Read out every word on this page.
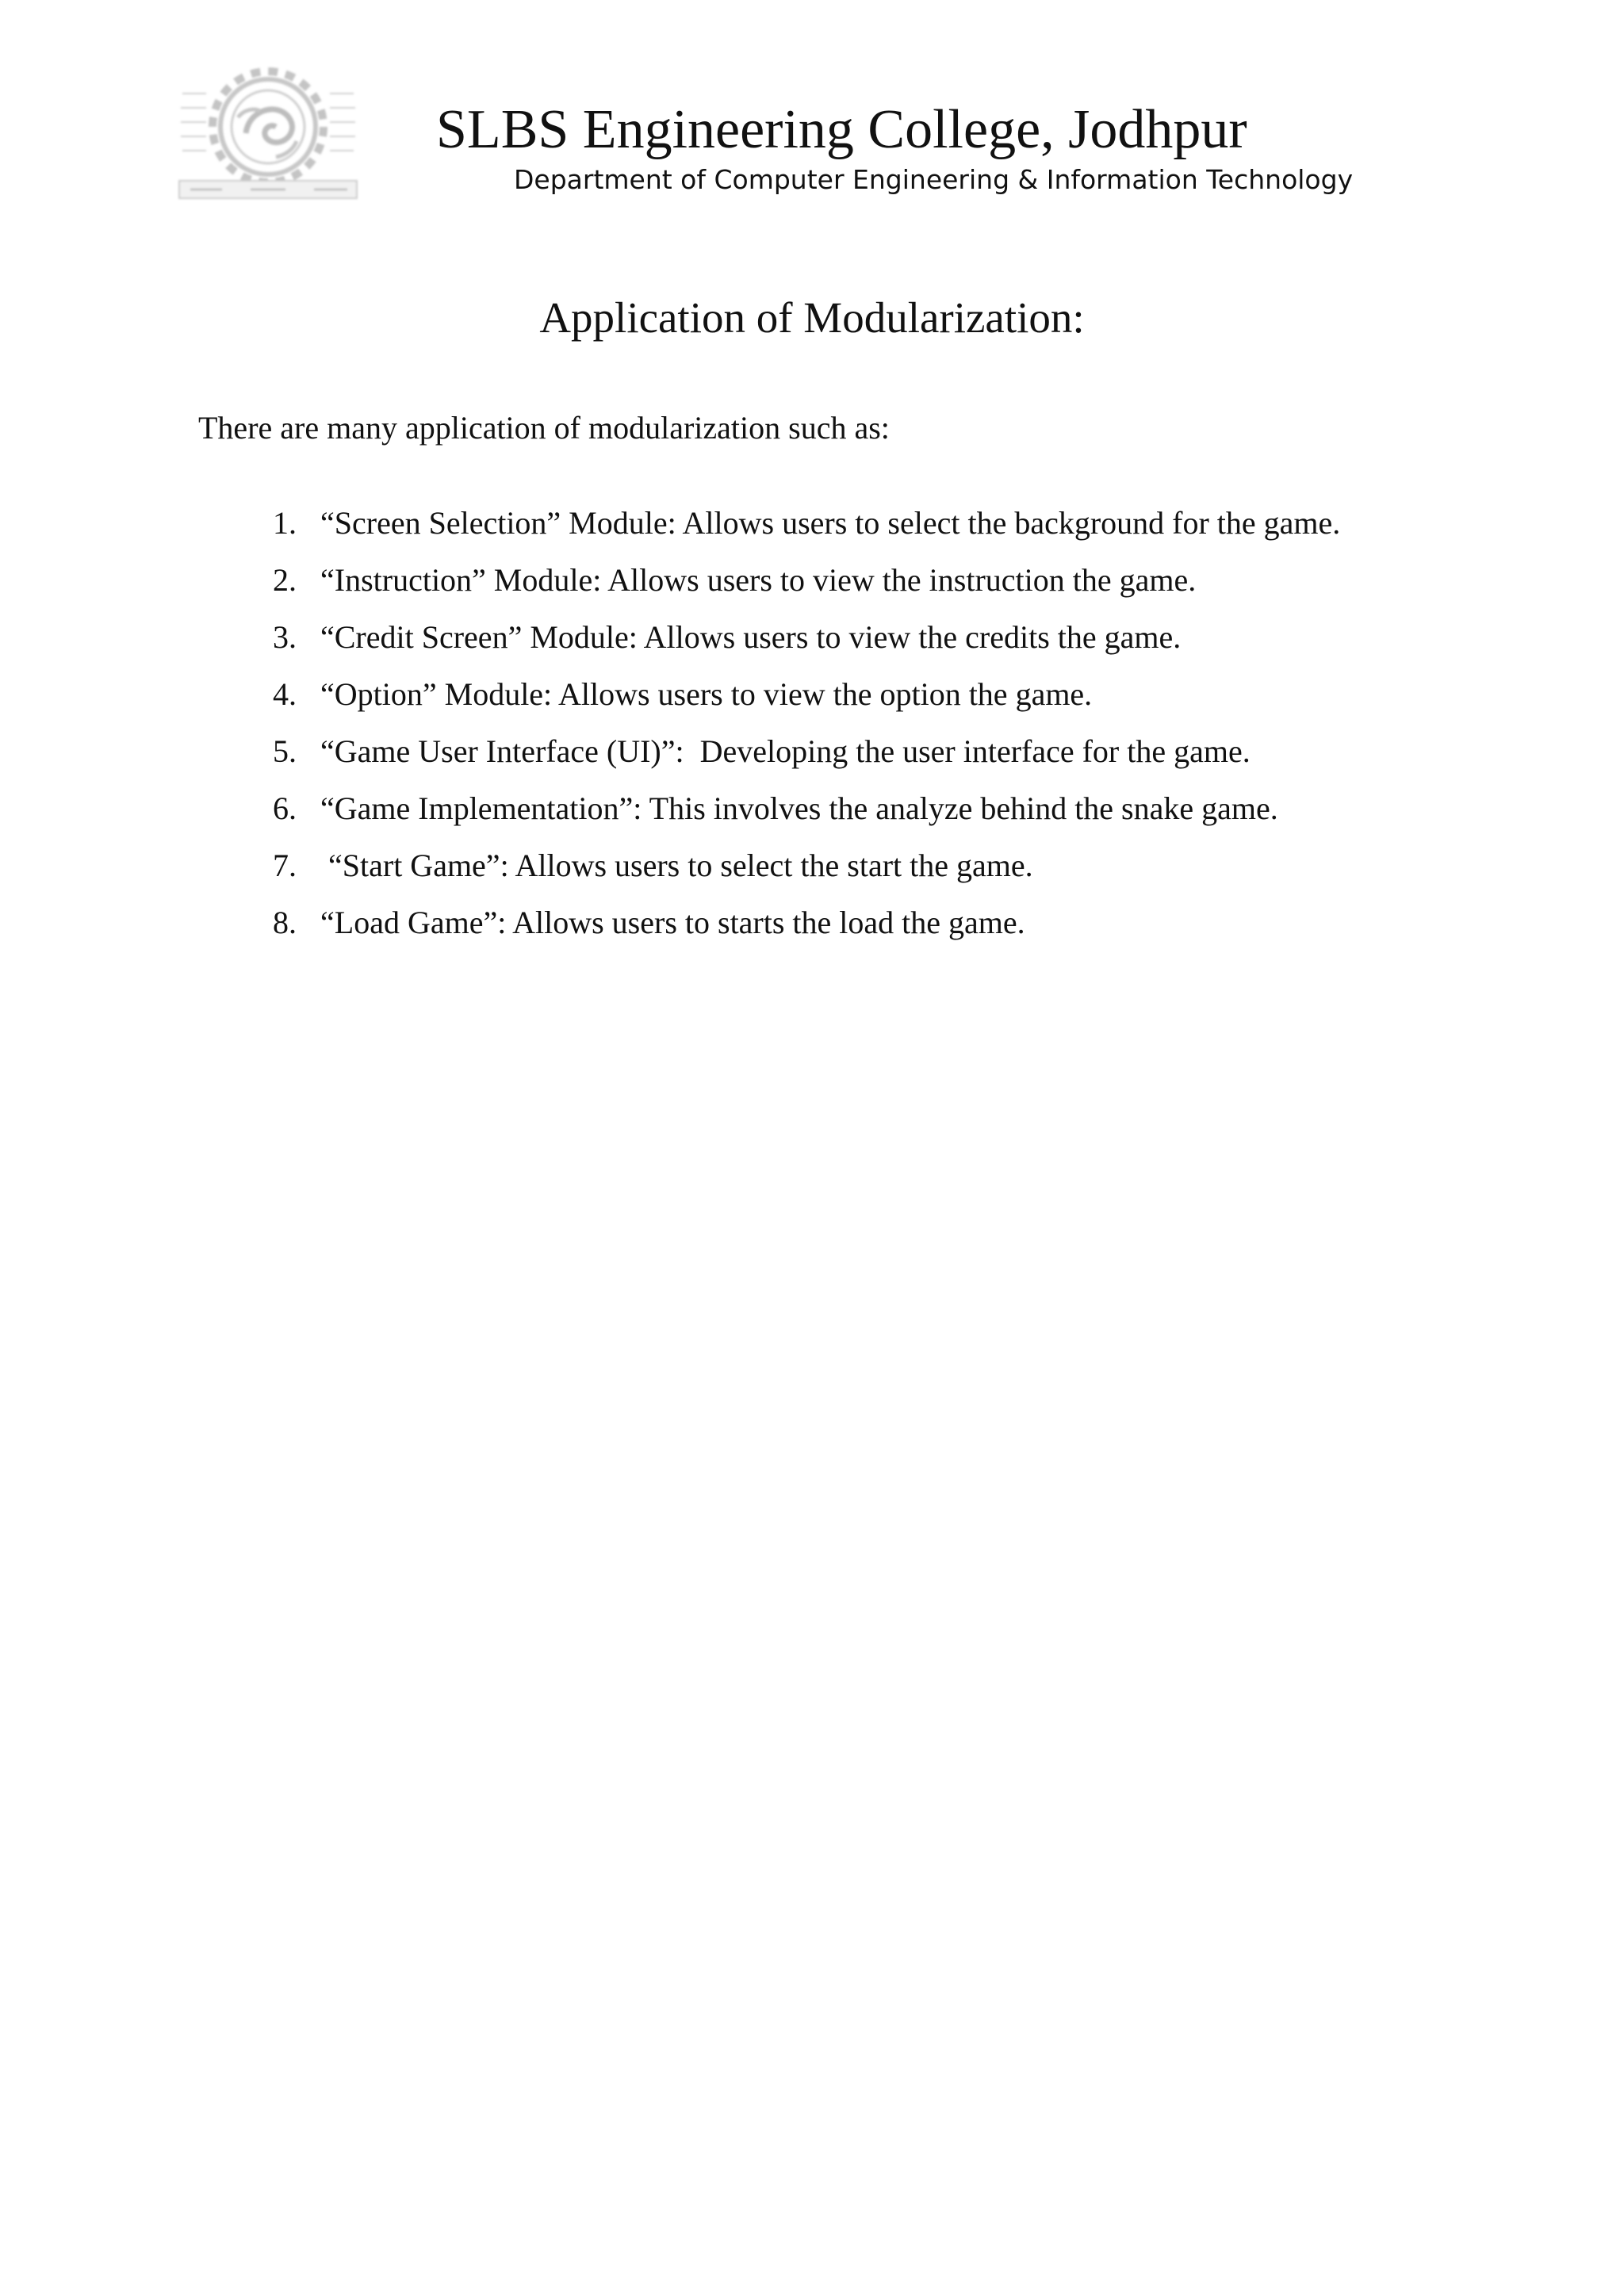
SLBS Engineering College, Jodhpur
Department of Computer Engineering & Information Technology
Application of Modularization:
There are many application of modularization such as:
1. “Screen Selection” Module: Allows users to select the background for the game.
2. “Instruction” Module: Allows users to view the instruction the game.
3. “Credit Screen” Module: Allows users to view the credits the game.
4. “Option” Module: Allows users to view the option the game.
5. “Game User Interface (UI)”:  Developing the user interface for the game.
6. “Game Implementation”: This involves the analyze behind the snake game.
7. “Start Game”: Allows users to select the start the game.
8. “Load Game”: Allows users to starts the load the game.
